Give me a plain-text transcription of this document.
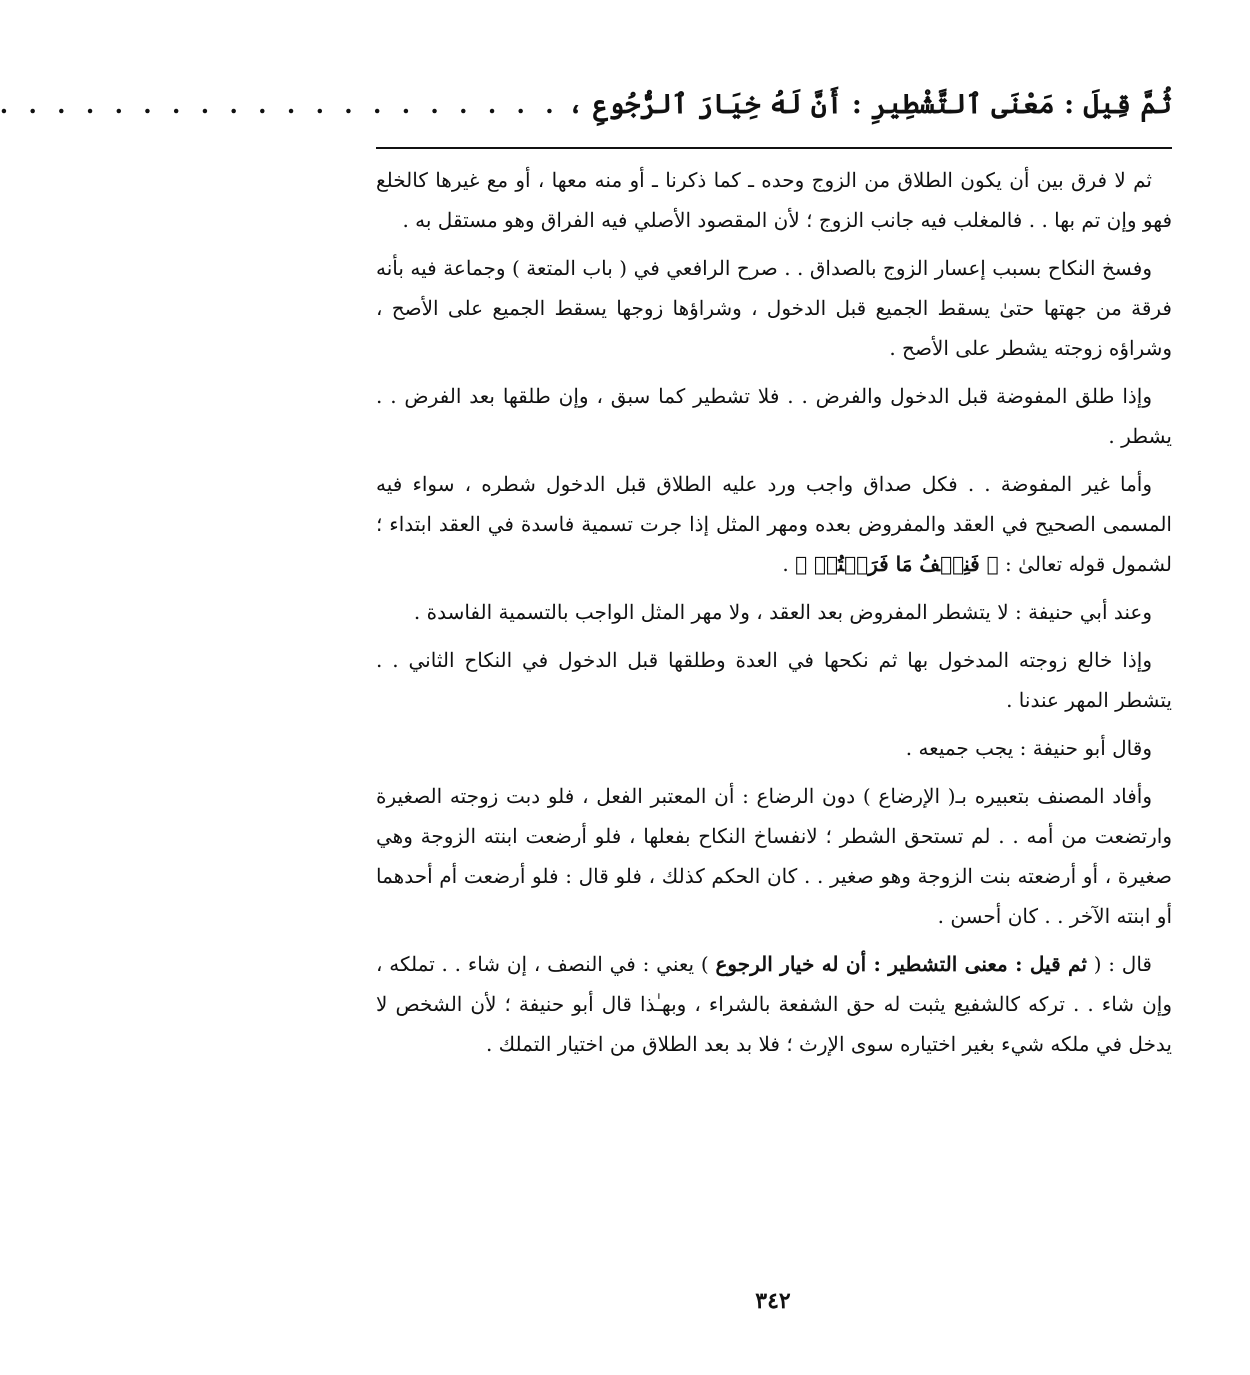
ثُمَّ قِيلَ : مَعْنَى ٱلتَّشْطِيرِ : أَنَّ لَهُ خِيَارَ ٱلرُّجُوعِ ،
. . . . . . . . . . . . . . . . . . . .

ثم لا فرق بين أن يكون الطلاق من الزوج وحده ـ كما ذكرنا ـ أو منه معها ، أو مع غيرها كالخلع فهو وإن تم بها . . فالمغلب فيه جانب الزوج ؛ لأن المقصود الأصلي فيه الفراق وهو مستقل به .

وفسخ النكاح بسبب إعسار الزوج بالصداق . . صرح الرافعي في ( باب المتعة ) وجماعة فيه بأنه فرقة من جهتها حتىٰ يسقط الجميع قبل الدخول ، وشراؤها زوجها يسقط الجميع على الأصح ، وشراؤه زوجته يشطر على الأصح .

وإذا طلق المفوضة قبل الدخول والفرض . . فلا تشطير كما سبق ، وإن طلقها بعد الفرض . . يشطر .

وأما غير المفوضة . . فكل صداق واجب ورد عليه الطلاق قبل الدخول شطره ، سواء فيه المسمى الصحيح في العقد والمفروض بعده ومهر المثل إذا جرت تسمية فاسدة في العقد ابتداء ؛ لشمول قوله تعالىٰ : ﴿ فَنِصۡفُ مَا فَرَضۡتُمۡ ﴾ .

وعند أبي حنيفة : لا يتشطر المفروض بعد العقد ، ولا مهر المثل الواجب بالتسمية الفاسدة .

وإذا خالع زوجته المدخول بها ثم نكحها في العدة وطلقها قبل الدخول في النكاح الثاني . . يتشطر المهر عندنا .

وقال أبو حنيفة : يجب جميعه .

وأفاد المصنف بتعبيره بـ( الإرضاع ) دون الرضاع : أن المعتبر الفعل ، فلو دبت زوجته الصغيرة وارتضعت من أمه . . لم تستحق الشطر ؛ لانفساخ النكاح بفعلها ، فلو أرضعت ابنته الزوجة وهي صغيرة ، أو أرضعته بنت الزوجة وهو صغير . . كان الحكم كذلك ، فلو قال : فلو أرضعت أم أحدهما أو ابنته الآخر . . كان أحسن .

قال : ( ثم قيل : معنى التشطير : أن له خيار الرجوع ) يعني : في النصف ، إن شاء . . تملكه ، وإن شاء . . تركه كالشفيع يثبت له حق الشفعة بالشراء ، وبهـٰذا قال أبو حنيفة ؛ لأن الشخص لا يدخل في ملكه شيء بغير اختياره سوى الإرث ؛ فلا بد بعد الطلاق من اختيار التملك .

٣٤٢
